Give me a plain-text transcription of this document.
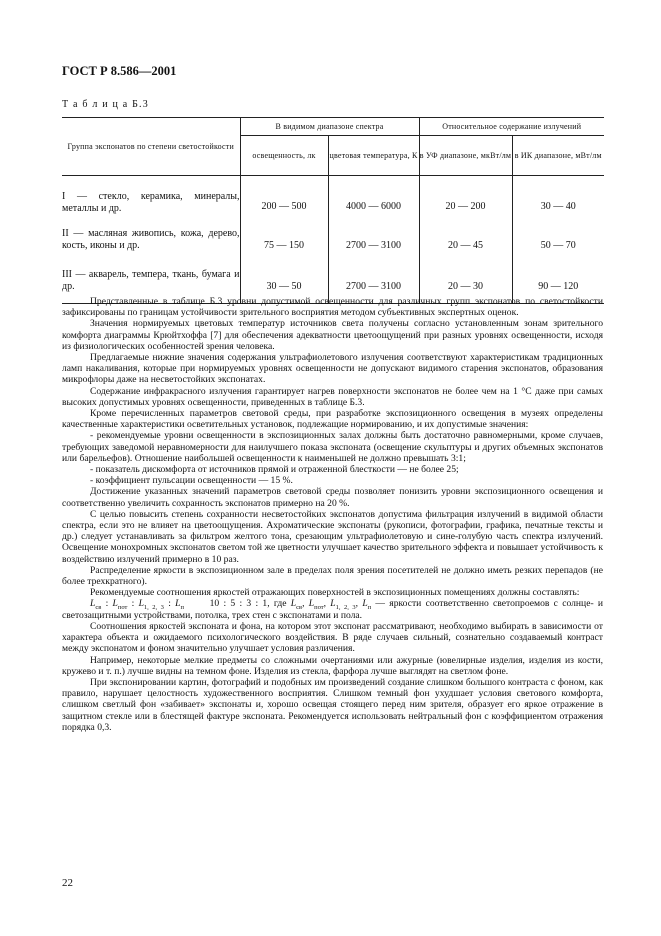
ГОСТ Р 8.586—2001
Т а б л и ц а Б.3
Группа экспонатов по степени светостойкости	В видимом диапазоне спектра		Относительное содержание излучений	
	освещенность, лк	цветовая температура, К	в УФ диапазоне, мкВт/лм	в ИК диапазоне, мВт/лм
I — стекло, керамика, минералы, металлы и др.	200 — 500	4000 — 6000	20 — 200	30 — 40
II — масляная живопись, кожа, дерево, кость, иконы и др.	75 — 150	2700 — 3100	20 — 45	50 — 70
III — акварель, темпера, ткань, бумага и др.	30 — 50	2700 — 3100	20 — 30	90 — 120

Представленные в таблице Б.3 уровни допустимой освещенности для различных групп экспонатов по светостойкости зафиксированы по границам устойчивости зрительного восприятия методом субъективных экспертных оценок.

Значения нормируемых цветовых температур источников света получены согласно установленным зонам зрительного комфорта диаграммы Крюйтхоффа [7] для обеспечения адекватности цветоощущений при разных уровнях освещенности, исходя из физиологических особенностей зрения человека.

Предлагаемые нижние значения содержания ультрафиолетового излучения соответствуют характеристикам традиционных ламп накаливания, которые при нормируемых уровнях освещенности не допускают видимого старения экспонатов, образования микрофлоры даже на несветостойких экспонатах.

Содержание инфракрасного излучения гарантирует нагрев поверхности экспонатов не более чем на 1 °С даже при самых высоких допустимых уровнях освещенности, приведенных в таблице Б.3.

Кроме перечисленных параметров световой среды, при разработке экспозиционного освещения в музеях определены качественные характеристики осветительных установок, подлежащие нормированию, и их допустимые значения:

- рекомендуемые уровни освещенности в экспозиционных залах должны быть достаточно равномерными, кроме случаев, требующих заведомой неравномерности для наилучшего показа экспоната (освещение скульптуры и других объемных экспонатов или барельефов). Отношение наибольшей освещенности к наименьшей не должно превышать 3:1;

- показатель дискомфорта от источников прямой и отраженной блесткости — не более 25;

- коэффициент пульсации освещенности — 15 %.

Достижение указанных значений параметров световой среды позволяет понизить уровни экспозиционного освещения и соответственно увеличить сохранность экспонатов примерно на 20 %.

С целью повысить степень сохранности несветостойких экспонатов допустима фильтрация излучений в видимой области спектра, если это не влияет на цветоощущения. Ахроматические экспонаты (рукописи, фотографии, графика, печатные тексты и др.) следует устанавливать за фильтром желтого тона, срезающим ультрафиолетовую и сине-голубую часть спектра излучений. Освещение монохромных экспонатов светом той же цветности улучшает качество зрительного эффекта и повышает устойчивость к воздействию излучений примерно в 10 раз.

Распределение яркости в экспозиционном зале в пределах поля зрения посетителей не должно иметь резких перепадов (не более трехкратного).

Рекомендуемые соотношения яркостей отражающих поверхностей в экспозиционных помещениях должны составлять:

$L_{св}$ : $L_{пот}$ : $L_{1, 2, 3}$ : $L_п$	10 : 5 : 3 : 1, где $L_{св}$, $L_{пот}$, $L_{1, 2, 3}$, $L_п$ — яркости соответственно светопроемов с солнце- и светозащитными устройствами, потолка, трех стен с экспонатами и пола.

Соотношения яркостей экспоната и фона, на котором этот экспонат рассматривают, необходимо выбирать в зависимости от характера объекта и ожидаемого психологического воздействия. В ряде случаев сильный, сознательно создаваемый контраст между экспонатом и фоном значительно улучшает условия различения.

Например, некоторые мелкие предметы со сложными очертаниями или ажурные (ювелирные изделия, изделия из кости, кружево и т. п.) лучше видны на темном фоне. Изделия из стекла, фарфора лучше выглядят на светлом фоне.

При экспонировании картин, фотографий и подобных им произведений создание слишком большого контраста с фоном, как правило, нарушает целостность художественного восприятия. Слишком темный фон ухудшает условия светового комфорта, слишком светлый фон «забивает» экспонаты и, хорошо освещая стоящего перед ним зрителя, образует его яркое отражение в защитном стекле или в блестящей фактуре экспоната. Рекомендуется использовать нейтральный фон с коэффициентом отражения порядка 0,3.

22
